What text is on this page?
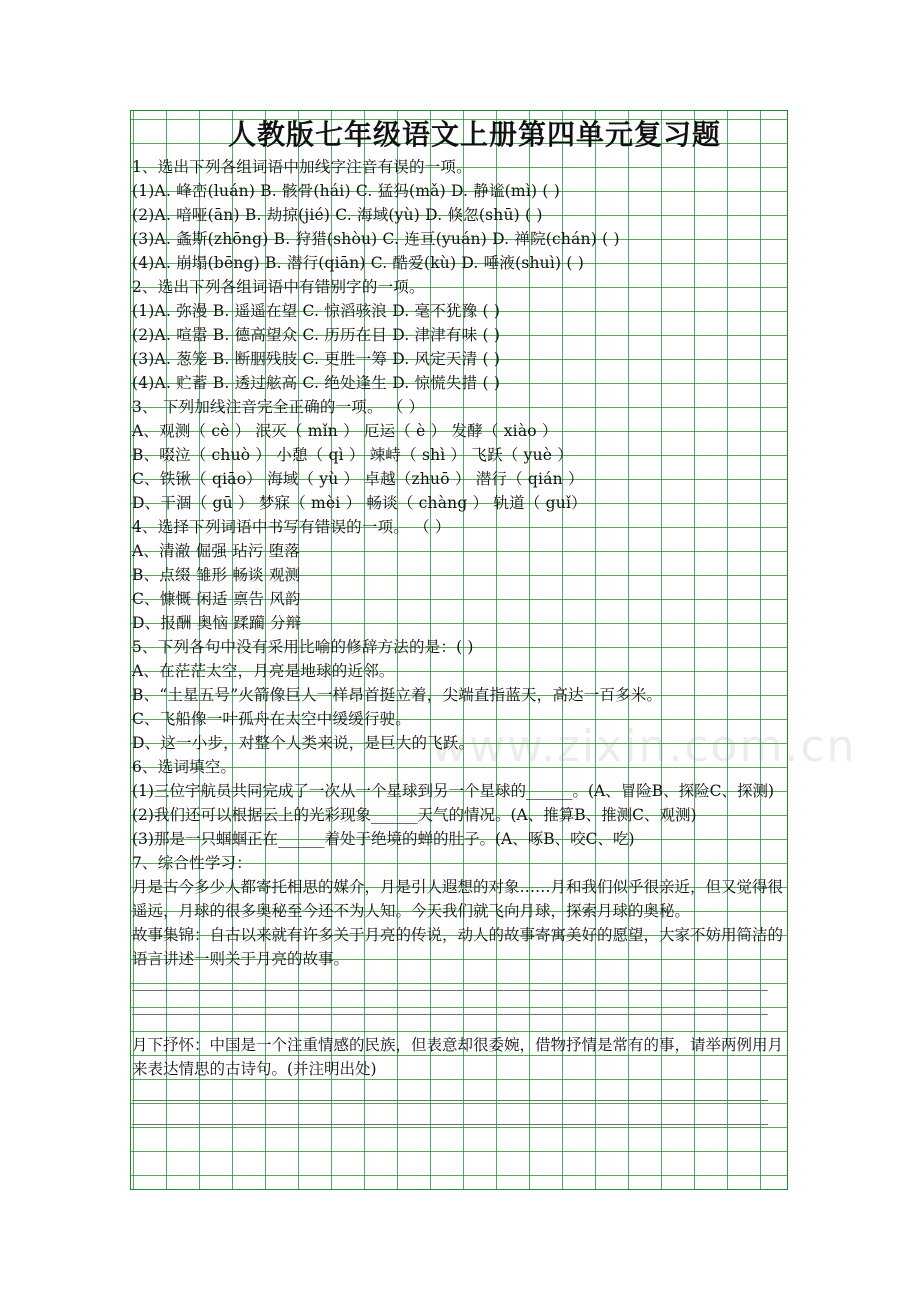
www.zixin.com.cn
人教版七年级语文上册第四单元复习题
1、选出下列各组词语中加线字注音有误的一项。
(1)A. 峰峦(luán) B. 骸骨(hái) C. 猛犸(mǎ) D. 静谧(mì) ( )
(2)A. 喑哑(ān) B. 劫掠(jié) C. 海域(yù) D. 倏忽(shū) ( )
(3)A. 螽斯(zhōng) B. 狩猎(shòu) C. 连亘(yuán) D. 禅院(chán) ( )
(4)A. 崩塌(bēng) B. 潜行(qiān) C. 酷爱(kù) D. 唾液(shuì) ( )
2、选出下列各组词语中有错别字的一项。
(1)A. 弥漫 B. 遥遥在望 C. 惊滔骇浪 D. 毫不犹豫 ( )
(2)A. 喧嚣 B. 德高望众 C. 历历在目 D. 津津有味 ( )
(3)A. 葱笼 B. 断胭残肢 C. 更胜一筹 D. 风定天清 ( )
(4)A. 贮蓄 B. 透过舷高 C. 绝处逢生 D. 惊慌失措 ( )
3、 下列加线注音完全正确的一项。 （ ）
A、观测（ cè ） 泯灭（ mǐn ） 厄运（ è ） 发酵（ xiào ）
B、啜泣（ chuò ） 小憩（ qì ） 竦峙（ shì ） 飞跃（ yuè ）
C、铁锹（ qiāo） 海域（ yù ） 卓越（zhuō ） 潜行（ qián ）
D、干涸（ gū ） 梦寐（ mèi ） 畅谈（ chàng ） 轨道（ guǐ）
4、选择下列词语中书写有错误的一项。 （ ）
A、清澈 倔强 玷污 堕落
B、点缀 雏形 畅谈 观测
C、慷慨 闲适 禀告 风韵
D、报酬 奥恼 蹂躏 分辩
5、下列各句中没有采用比喻的修辞方法的是：( )
A、在茫茫太空，月亮是地球的近邻。
B、“土星五号”火箭像巨人一样昂首挺立着，尖端直指蓝天，高达一百多米。
C、飞船像一叶孤舟在太空中缓缓行驶。
D、这一小步，对整个人类来说，是巨大的飞跃。
6、选词填空。
(1)三位宇航员共同完成了一次从一个星球到另一个星球的______。(A、冒险B、探险C、探测)
(2)我们还可以根据云上的光彩现象______天气的情况。(A、推算B、推测C、观测)
(3)那是一只蝈蝈正在______着处于绝境的蝉的肚子。(A、啄B、咬C、吃)
7、综合性学习：
月是古今多少人都寄托相思的媒介，月是引人遐想的对象……月和我们似乎很亲近，但又觉得很遥远，月球的很多奥秘至今还不为人知。今天我们就飞向月球，探索月球的奥秘。
故事集锦：自古以来就有许多关于月亮的传说，动人的故事寄寓美好的愿望，大家不妨用简洁的语言讲述一则关于月亮的故事。
月下抒怀：中国是一个注重情感的民族，但表意却很委婉，借物抒情是常有的事，请举两例用月来表达情思的古诗句。(并注明出处)
